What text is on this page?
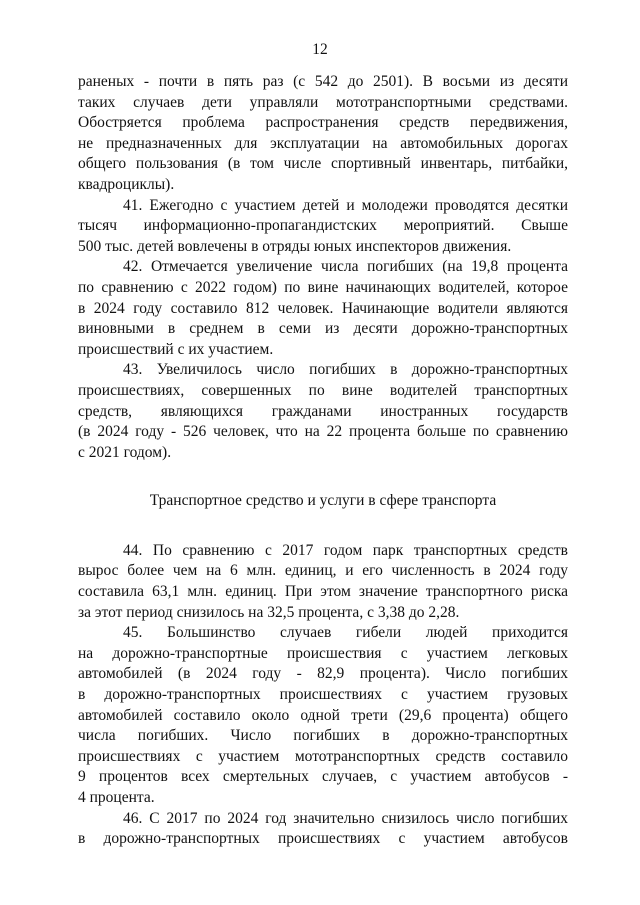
12
раненых - почти в пять раз (с 542 до 2501). В восьми из десяти
таких случаев дети управляли мототранспортными средствами.
Обостряется проблема распространения средств передвижения,
не предназначенных для эксплуатации на автомобильных дорогах
общего пользования (в том числе спортивный инвентарь, питбайки,
квадроциклы).
41. Ежегодно с участием детей и молодежи проводятся десятки
тысяч информационно-пропагандистских мероприятий. Свыше
500 тыс. детей вовлечены в отряды юных инспекторов движения.
42. Отмечается увеличение числа погибших (на 19,8 процента
по сравнению с 2022 годом) по вине начинающих водителей, которое
в 2024 году составило 812 человек. Начинающие водители являются
виновными в среднем в семи из десяти дорожно-транспортных
происшествий с их участием.
43. Увеличилось число погибших в дорожно-транспортных
происшествиях, совершенных по вине водителей транспортных
средств, являющихся гражданами иностранных государств
(в 2024 году - 526 человек, что на 22 процента больше по сравнению
с 2021 годом).

Транспортное средство и услуги в сфере транспорта

44. По сравнению с 2017 годом парк транспортных средств
вырос более чем на 6 млн. единиц, и его численность в 2024 году
составила 63,1 млн. единиц. При этом значение транспортного риска
за этот период снизилось на 32,5 процента, с 3,38 до 2,28.
45. Большинство случаев гибели людей приходится
на дорожно-транспортные происшествия с участием легковых
автомобилей (в 2024 году - 82,9 процента). Число погибших
в дорожно-транспортных происшествиях с участием грузовых
автомобилей составило около одной трети (29,6 процента) общего
числа погибших. Число погибших в дорожно-транспортных
происшествиях с участием мототранспортных средств составило
9 процентов всех смертельных случаев, с участием автобусов -
4 процента.
46. С 2017 по 2024 год значительно снизилось число погибших
в дорожно-транспортных происшествиях с участием автобусов
